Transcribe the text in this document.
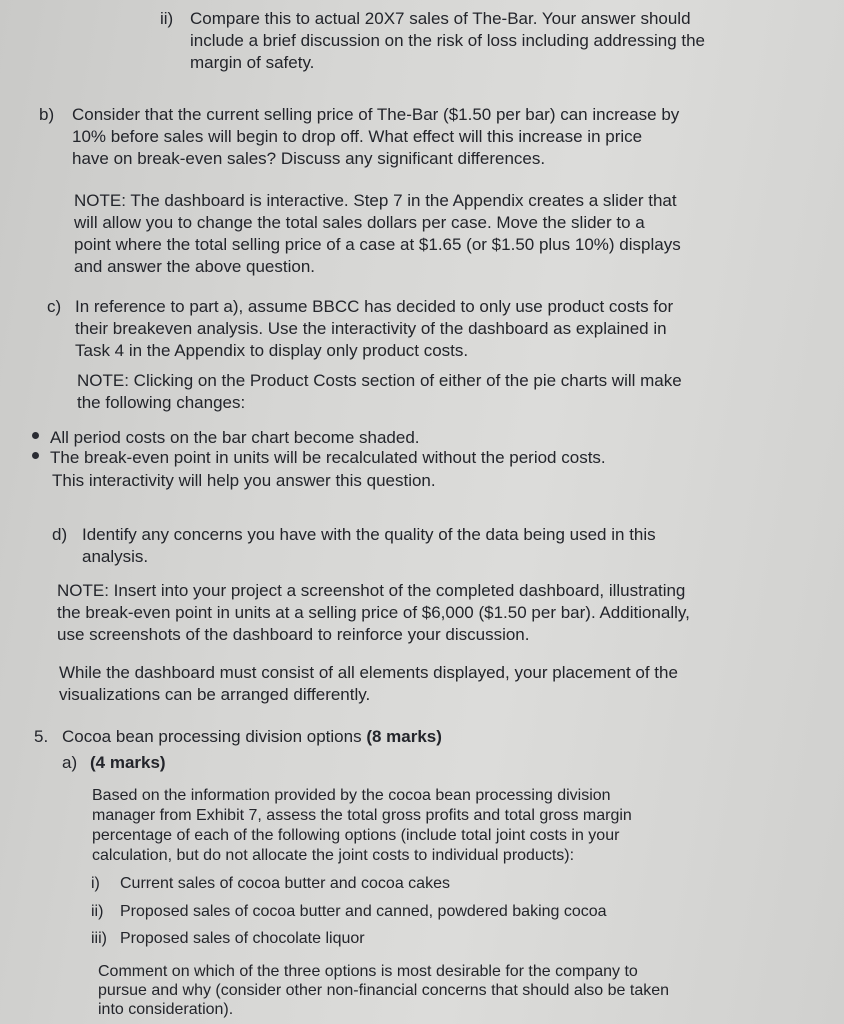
ii) Compare this to actual 20X7 sales of The-Bar. Your answer should
include a brief discussion on the risk of loss including addressing the
margin of safety.
b) Consider that the current selling price of The-Bar ($1.50 per bar) can increase by
10% before sales will begin to drop off. What effect will this increase in price
have on break-even sales? Discuss any significant differences.
NOTE: The dashboard is interactive. Step 7 in the Appendix creates a slider that
will allow you to change the total sales dollars per case. Move the slider to a
point where the total selling price of a case at $1.65 (or $1.50 plus 10%) displays
and answer the above question.
c) In reference to part a), assume BBCC has decided to only use product costs for
their breakeven analysis. Use the interactivity of the dashboard as explained in
Task 4 in the Appendix to display only product costs.
NOTE: Clicking on the Product Costs section of either of the pie charts will make
the following changes:
All period costs on the bar chart become shaded.
The break-even point in units will be recalculated without the period costs.
This interactivity will help you answer this question.
d) Identify any concerns you have with the quality of the data being used in this
analysis.
NOTE: Insert into your project a screenshot of the completed dashboard, illustrating
the break-even point in units at a selling price of $6,000 ($1.50 per bar). Additionally,
use screenshots of the dashboard to reinforce your discussion.
While the dashboard must consist of all elements displayed, your placement of the
visualizations can be arranged differently.
5. Cocoa bean processing division options (8 marks)
a) (4 marks)
Based on the information provided by the cocoa bean processing division
manager from Exhibit 7, assess the total gross profits and total gross margin
percentage of each of the following options (include total joint costs in your
calculation, but do not allocate the joint costs to individual products):
i) Current sales of cocoa butter and cocoa cakes
ii) Proposed sales of cocoa butter and canned, powdered baking cocoa
iii) Proposed sales of chocolate liquor
Comment on which of the three options is most desirable for the company to
pursue and why (consider other non-financial concerns that should also be taken
into consideration).
